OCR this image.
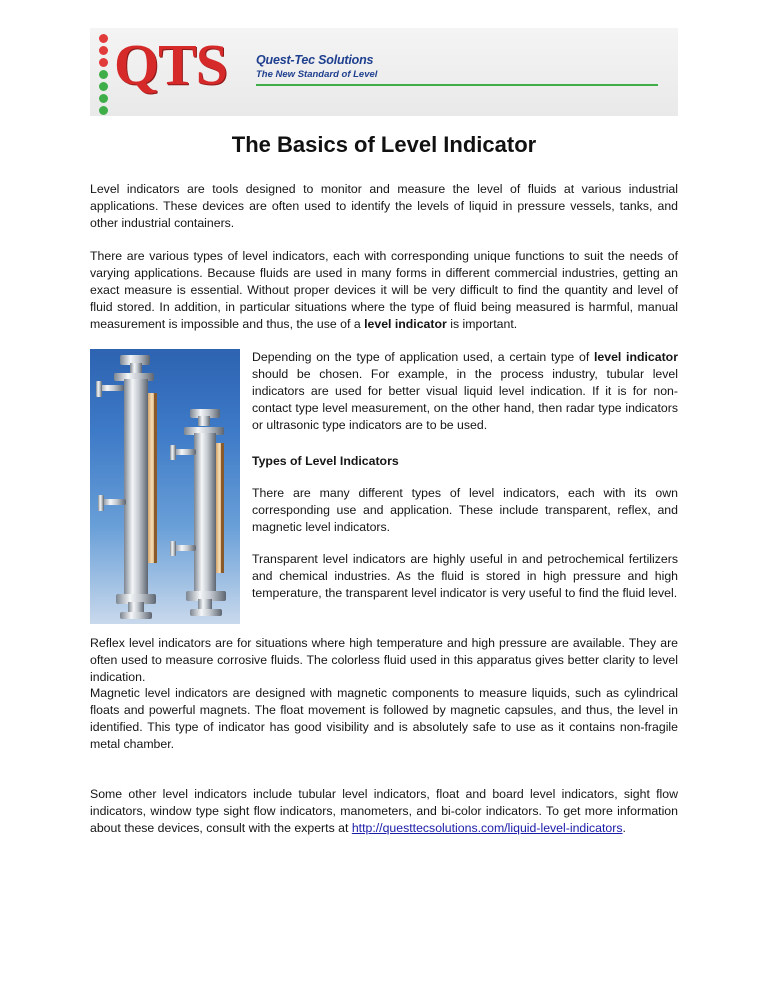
QTS Quest-Tec Solutions
The New Standard of Level
The Basics of Level Indicator

Level indicators are tools designed to monitor and measure the level of fluids at various industrial applications. These devices are often used to identify the levels of liquid in pressure vessels, tanks, and other industrial containers.

There are various types of level indicators, each with corresponding unique functions to suit the needs of varying applications. Because fluids are used in many forms in different commercial industries, getting an exact measure is essential. Without proper devices it will be very difficult to find the quantity and level of fluid stored. In addition, in particular situations where the type of fluid being measured is harmful, manual measurement is impossible and thus, the use of a level indicator is important.

Depending on the type of application used, a certain type of level indicator should be chosen. For example, in the process industry, tubular level indicators are used for better visual liquid level indication. If it is for non-contact type level measurement, on the other hand, then radar type indicators or ultrasonic type indicators are to be used.

Types of Level Indicators

There are many different types of level indicators, each with its own corresponding use and application. These include transparent, reflex, and magnetic level indicators.

Transparent level indicators are highly useful in and petrochemical fertilizers and chemical industries. As the fluid is stored in high pressure and high temperature, the transparent level indicator is very useful to find the fluid level.

Reflex level indicators are for situations where high temperature and high pressure are available. They are often used to measure corrosive fluids. The colorless fluid used in this apparatus gives better clarity to level indication.

Magnetic level indicators are designed with magnetic components to measure liquids, such as cylindrical floats and powerful magnets. The float movement is followed by magnetic capsules, and thus, the level in identified. This type of indicator has good visibility and is absolutely safe to use as it contains non-fragile metal chamber.

Some other level indicators include tubular level indicators, float and board level indicators, sight flow indicators, window type sight flow indicators, manometers, and bi-color indicators. To get more information about these devices, consult with the experts at http://questtecsolutions.com/liquid-level-indicators.
